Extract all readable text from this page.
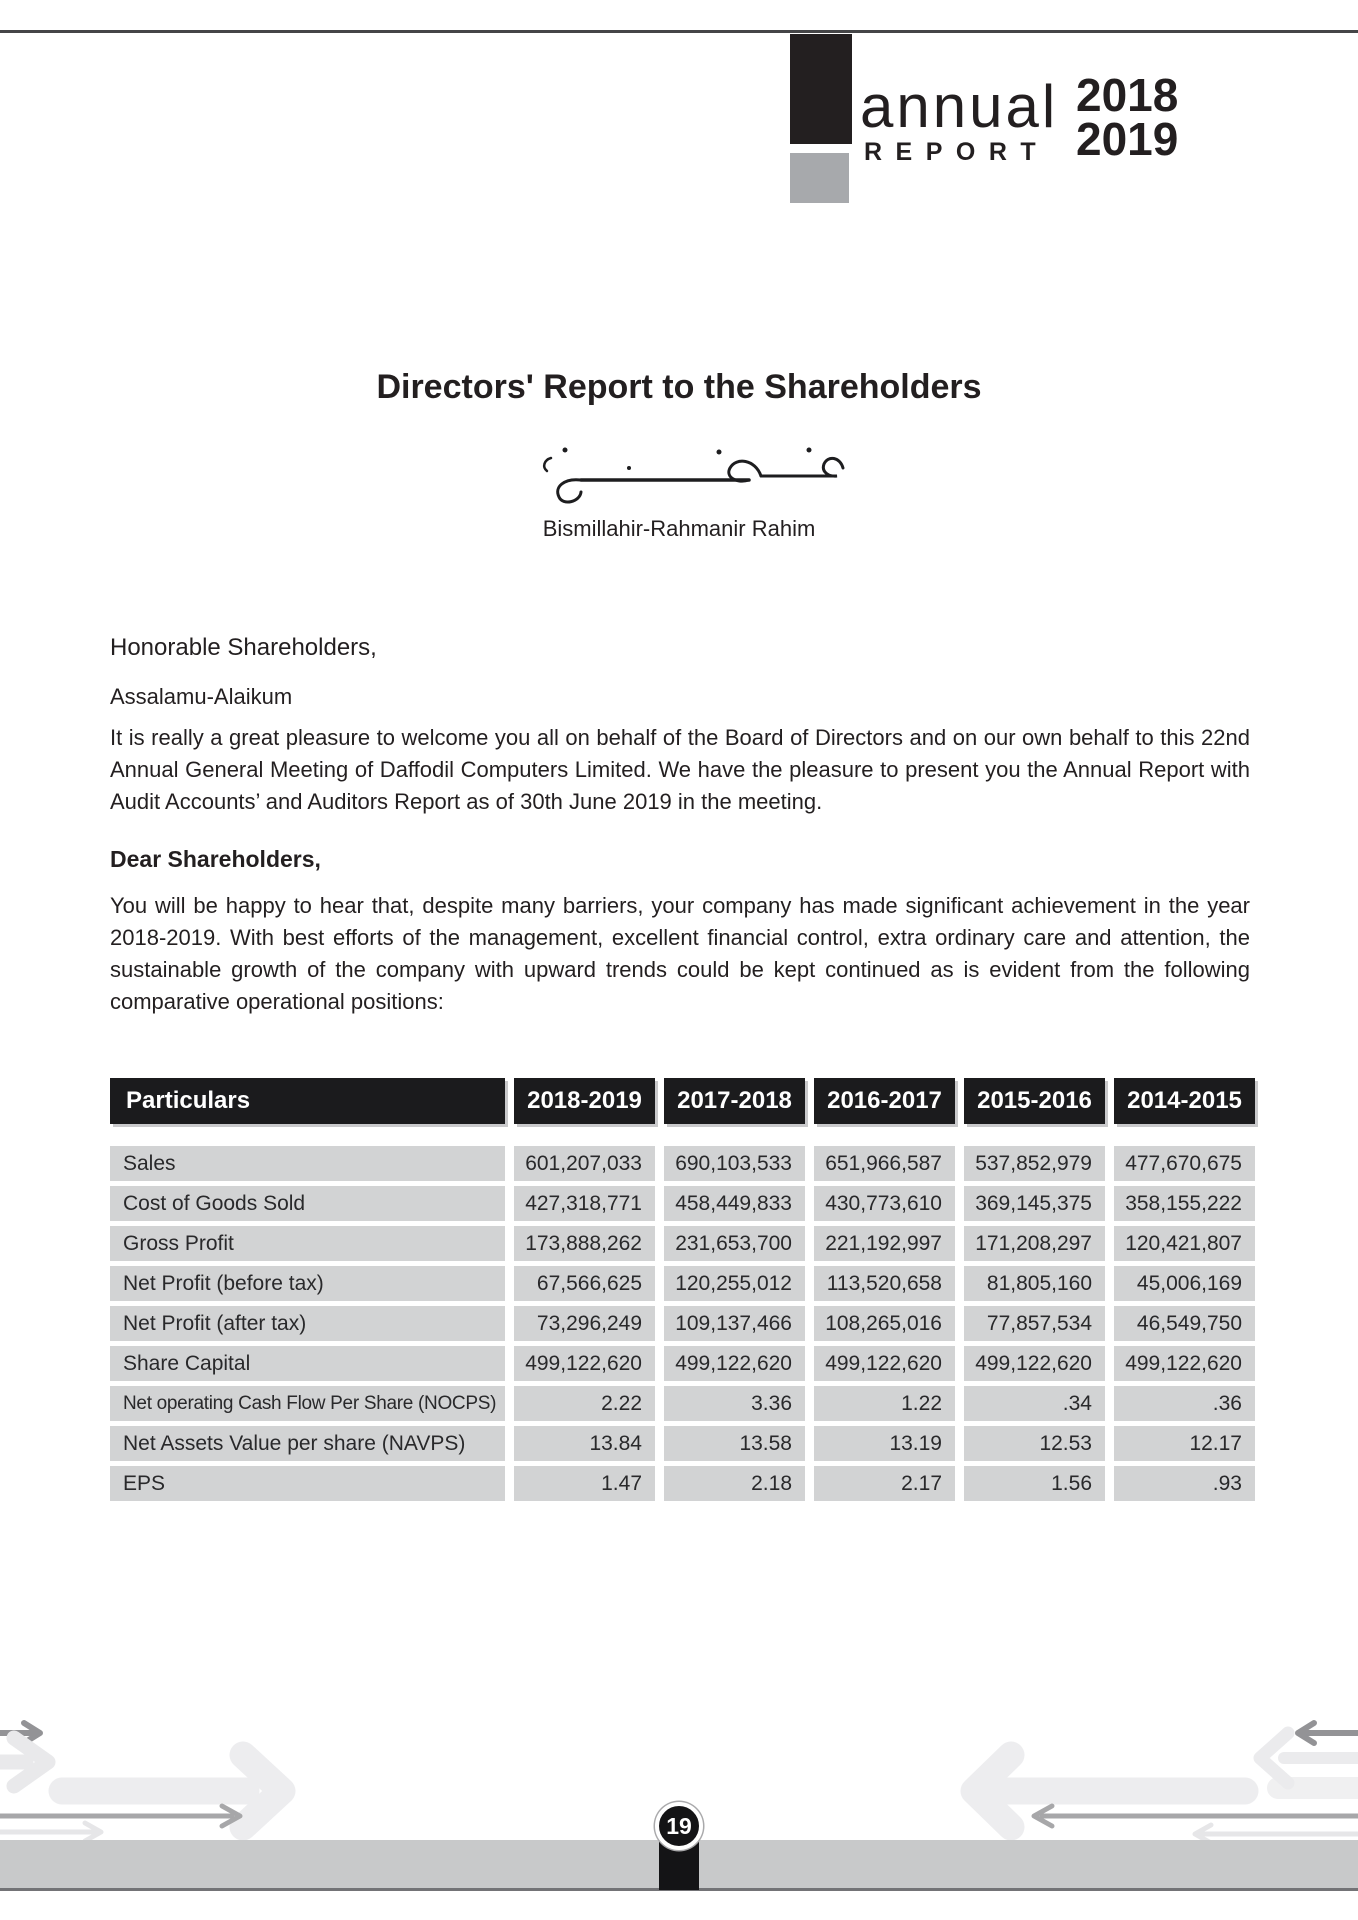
annual
REPORT
2018
2019
Directors' Report to the Shareholders
Bismillahir-Rahmanir Rahim
Honorable Shareholders,
Assalamu-Alaikum
It is really a great pleasure to welcome you all on behalf of the Board of Directors and on our own behalf to this 22nd Annual General Meeting of Daffodil Computers Limited. We have the pleasure to present you the Annual Report with Audit Accounts’ and Auditors Report as of 30th June 2019 in the meeting.
Dear Shareholders,
You will be happy to hear that, despite many barriers, your company has made significant achievement in the year 2018-2019. With best efforts of the management, excellent financial control, extra ordinary care and attention, the sustainable growth of the company with upward trends could be kept continued as is evident from the following comparative operational positions:
Particulars	2018-2019	2017-2018	2016-2017	2015-2016	2014-2015
Sales	601,207,033	690,103,533	651,966,587	537,852,979	477,670,675
Cost of Goods Sold	427,318,771	458,449,833	430,773,610	369,145,375	358,155,222
Gross Profit	173,888,262	231,653,700	221,192,997	171,208,297	120,421,807
Net Profit (before tax)	67,566,625	120,255,012	113,520,658	81,805,160	45,006,169
Net Profit (after tax)	73,296,249	109,137,466	108,265,016	77,857,534	46,549,750
Share Capital	499,122,620	499,122,620	499,122,620	499,122,620	499,122,620
Net operating Cash Flow Per Share (NOCPS)	2.22	3.36	1.22	.34	.36
Net Assets Value per share (NAVPS)	13.84	13.58	13.19	12.53	12.17
EPS	1.47	2.18	2.17	1.56	.93
19
